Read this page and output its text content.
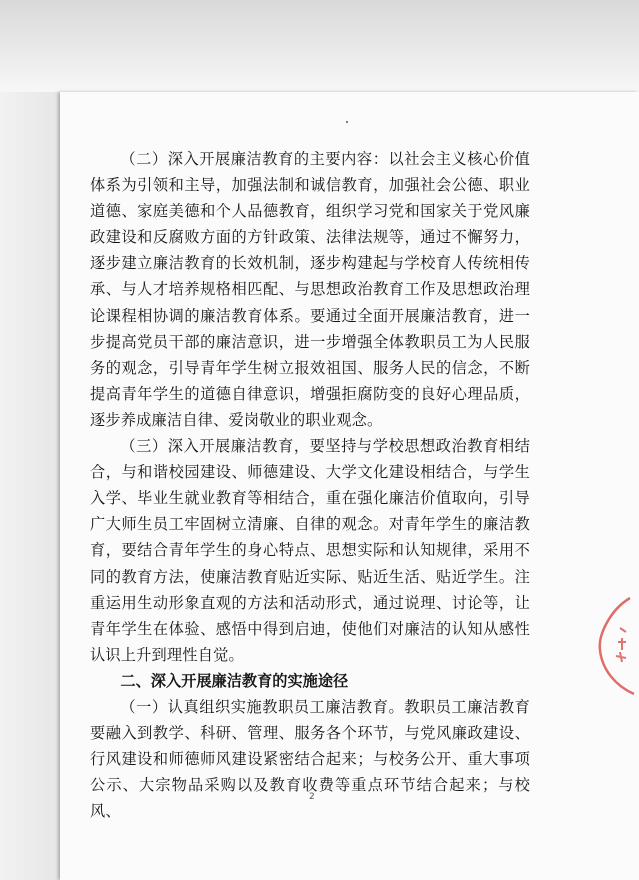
（二）深入开展廉洁教育的主要内容：以社会主义核心价值体系为引领和主导，加强法制和诚信教育，加强社会公德、职业道德、家庭美德和个人品德教育，组织学习党和国家关于党风廉政建设和反腐败方面的方针政策、法律法规等，通过不懈努力，逐步建立廉洁教育的长效机制，逐步构建起与学校育人传统相传承、与人才培养规格相匹配、与思想政治教育工作及思想政治理论课程相协调的廉洁教育体系。要通过全面开展廉洁教育，进一步提高党员干部的廉洁意识，进一步增强全体教职员工为人民服务的观念，引导青年学生树立报效祖国、服务人民的信念，不断提高青年学生的道德自律意识，增强拒腐防变的良好心理品质，逐步养成廉洁自律、爱岗敬业的职业观念。

（三）深入开展廉洁教育，要坚持与学校思想政治教育相结合，与和谐校园建设、师德建设、大学文化建设相结合，与学生入学、毕业生就业教育等相结合，重在强化廉洁价值取向，引导广大师生员工牢固树立清廉、自律的观念。对青年学生的廉洁教育，要结合青年学生的身心特点、思想实际和认知规律，采用不同的教育方法，使廉洁教育贴近实际、贴近生活、贴近学生。注重运用生动形象直观的方法和活动形式，通过说理、讨论等，让青年学生在体验、感悟中得到启迪，使他们对廉洁的认知从感性认识上升到理性自觉。

二、深入开展廉洁教育的实施途径

（一）认真组织实施教职员工廉洁教育。教职员工廉洁教育要融入到教学、科研、管理、服务各个环节，与党风廉政建设、行风建设和师德师风建设紧密结合起来；与校务公开、重大事项公示、大宗物品采购以及教育收费等重点环节结合起来；与校风、

2
